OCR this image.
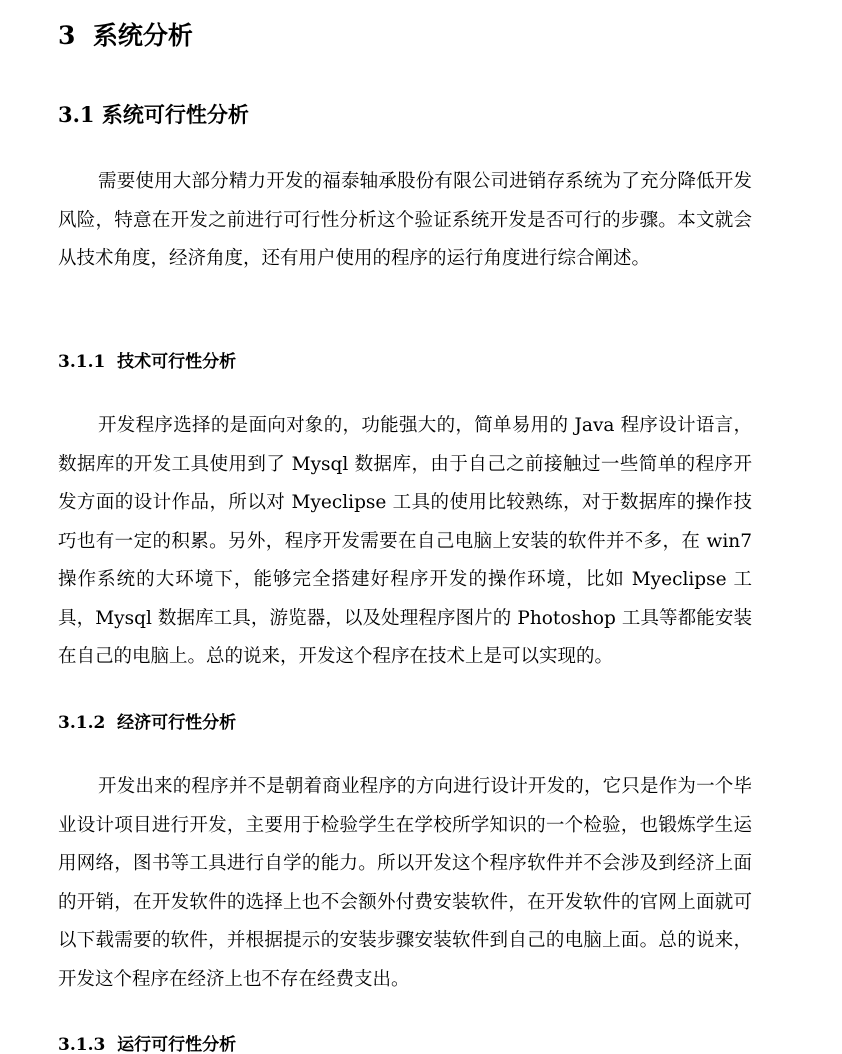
3 系统分析
3.1 系统可行性分析

需要使用大部分精力开发的福泰轴承股份有限公司进销存系统为了充分降低开发风险，特意在开发之前进行可行性分析这个验证系统开发是否可行的步骤。本文就会从技术角度，经济角度，还有用户使用的程序的运行角度进行综合阐述。

3.1.1 技术可行性分析

开发程序选择的是面向对象的，功能强大的，简单易用的 Java 程序设计语言，数据库的开发工具使用到了 Mysql 数据库，由于自己之前接触过一些简单的程序开发方面的设计作品，所以对 Myeclipse 工具的使用比较熟练，对于数据库的操作技巧也有一定的积累。另外，程序开发需要在自己电脑上安装的软件并不多，在 win7 操作系统的大环境下，能够完全搭建好程序开发的操作环境，比如 Myeclipse 工具，Mysql 数据库工具，游览器，以及处理程序图片的 Photoshop 工具等都能安装在自己的电脑上。总的说来，开发这个程序在技术上是可以实现的。

3.1.2 经济可行性分析

开发出来的程序并不是朝着商业程序的方向进行设计开发的，它只是作为一个毕业设计项目进行开发，主要用于检验学生在学校所学知识的一个检验，也锻炼学生运用网络，图书等工具进行自学的能力。所以开发这个程序软件并不会涉及到经济上面的开销，在开发软件的选择上也不会额外付费安装软件，在开发软件的官网上面就可以下载需要的软件，并根据提示的安装步骤安装软件到自己的电脑上面。总的说来，开发这个程序在经济上也不存在经费支出。

3.1.3 运行可行性分析
